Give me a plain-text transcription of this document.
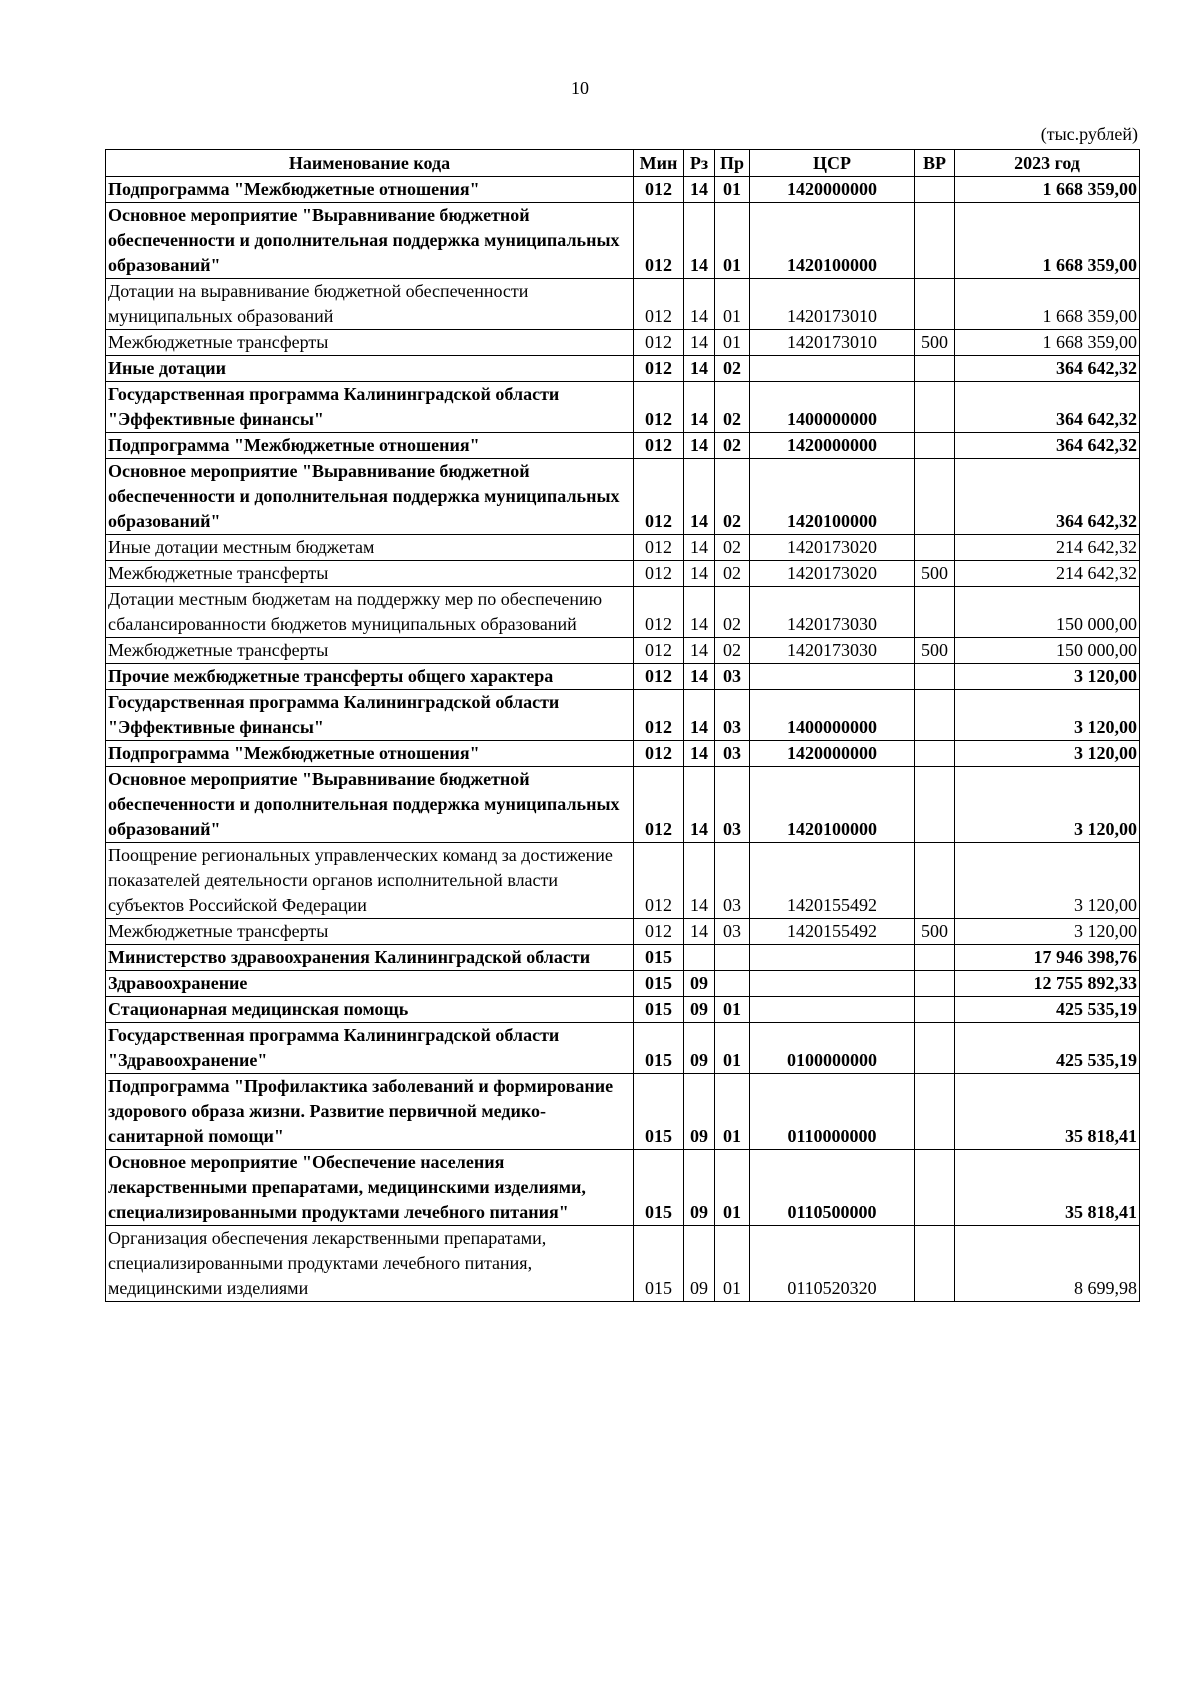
10
(тыс.рублей)
Наименование кода	Мин	Рз	Пр	ЦСР	ВР	2023 год
Подпрограмма "Межбюджетные отношения"	012	14	01	1420000000		1 668 359,00
Основное мероприятие "Выравнивание бюджетной обеспеченности и дополнительная поддержка муниципальных образований"	012	14	01	1420100000		1 668 359,00
Дотации на выравнивание бюджетной обеспеченности муниципальных образований	012	14	01	1420173010		1 668 359,00
Межбюджетные трансферты	012	14	01	1420173010	500	1 668 359,00
Иные дотации	012	14	02			364 642,32
Государственная программа Калининградской области "Эффективные финансы"	012	14	02	1400000000		364 642,32
Подпрограмма "Межбюджетные отношения"	012	14	02	1420000000		364 642,32
Основное мероприятие "Выравнивание бюджетной обеспеченности и дополнительная поддержка муниципальных образований"	012	14	02	1420100000		364 642,32
Иные дотации местным бюджетам	012	14	02	1420173020		214 642,32
Межбюджетные трансферты	012	14	02	1420173020	500	214 642,32
Дотации местным бюджетам на поддержку мер по обеспечению сбалансированности бюджетов муниципальных образований	012	14	02	1420173030		150 000,00
Межбюджетные трансферты	012	14	02	1420173030	500	150 000,00
Прочие межбюджетные трансферты общего характера	012	14	03			3 120,00
Государственная программа Калининградской области "Эффективные финансы"	012	14	03	1400000000		3 120,00
Подпрограмма "Межбюджетные отношения"	012	14	03	1420000000		3 120,00
Основное мероприятие "Выравнивание бюджетной обеспеченности и дополнительная поддержка муниципальных образований"	012	14	03	1420100000		3 120,00
Поощрение региональных управленческих команд за достижение показателей деятельности органов исполнительной власти субъектов Российской Федерации	012	14	03	1420155492		3 120,00
Межбюджетные трансферты	012	14	03	1420155492	500	3 120,00
Министерство здравоохранения Калининградской области	015					17 946 398,76
Здравоохранение	015	09				12 755 892,33
Стационарная медицинская помощь	015	09	01			425 535,19
Государственная программа Калининградской области "Здравоохранение"	015	09	01	0100000000		425 535,19
Подпрограмма "Профилактика заболеваний и формирование здорового образа жизни. Развитие первичной медико-санитарной помощи"	015	09	01	0110000000		35 818,41
Основное мероприятие "Обеспечение населения лекарственными препаратами, медицинскими изделиями, специализированными продуктами лечебного питания"	015	09	01	0110500000		35 818,41
Организация обеспечения лекарственными препаратами, специализированными продуктами лечебного питания, медицинскими изделиями	015	09	01	0110520320		8 699,98
